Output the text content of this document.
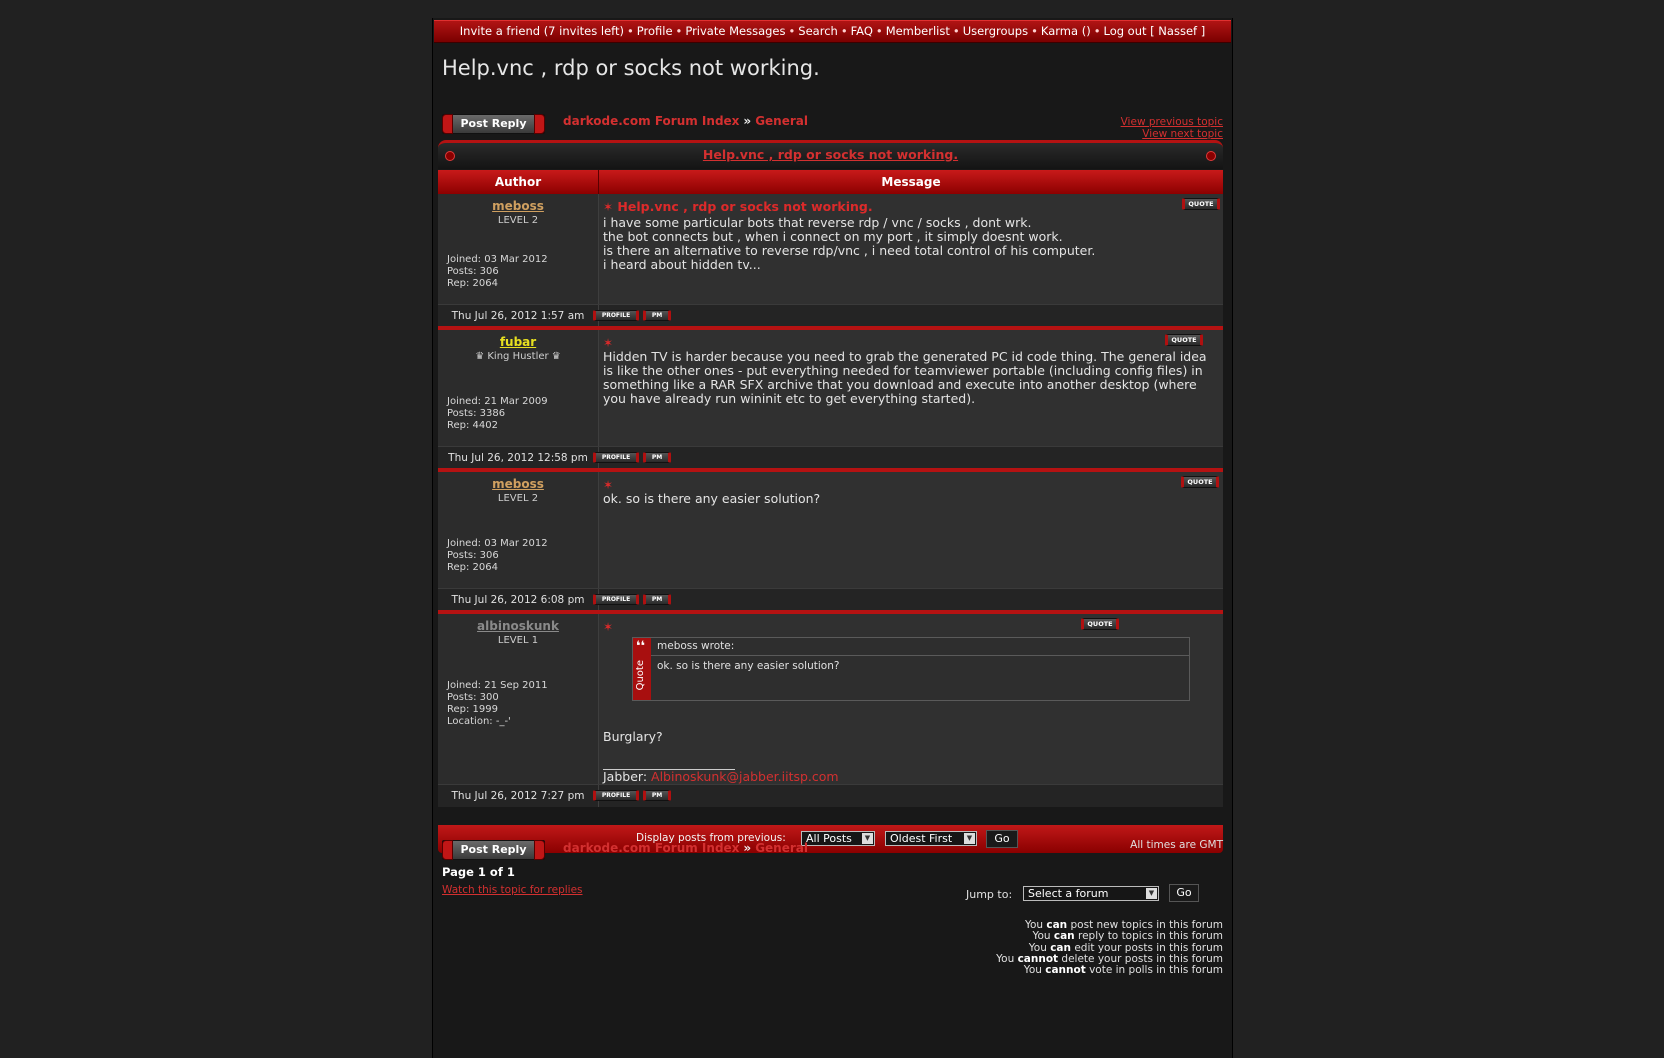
Invite a friend (7 invites left) • Profile • Private Messages • Search • FAQ • Memberlist • Usergroups • Karma () • Log out [ Nassef ]
Help.vnc , rdp or socks not working.
Post Reply	darkode.com Forum Index » General	View previous topic
View next topic
Help.vnc , rdp or socks not working.
Author	Message
meboss
LEVEL 2
Joined: 03 Mar 2012
Posts: 306
Rep: 2064
✶ Help.vnc , rdp or socks not working.	QUOTE
i have some particular bots that reverse rdp / vnc / socks , dont wrk.
the bot connects but , when i connect on my port , it simply doesnt work.
is there an alternative to reverse rdp/vnc , i need total control of his computer.
i heard about hidden tv...
Thu Jul 26, 2012 1:57 am	PROFILE	PM
fubar
♛ King Hustler ♛
Joined: 21 Mar 2009
Posts: 3386
Rep: 4402
✶	QUOTE
Hidden TV is harder because you need to grab the generated PC id code thing. The general idea
is like the other ones - put everything needed for teamviewer portable (including config files) in
something like a RAR SFX archive that you download and execute into another desktop (where
you have already run wininit etc to get everything started).
Thu Jul 26, 2012 12:58 pm	PROFILE	PM
meboss
LEVEL 2
Joined: 03 Mar 2012
Posts: 306
Rep: 2064
✶	QUOTE
ok. so is there any easier solution?
Thu Jul 26, 2012 6:08 pm	PROFILE	PM
albinoskunk
LEVEL 1
Joined: 21 Sep 2011
Posts: 300
Rep: 1999
Location: -_-'
✶	QUOTE
❛❛
Quote
meboss wrote:
ok. so is there any easier solution?
Burglary?
Jabber: Albinoskunk@jabber.iitsp.com
Thu Jul 26, 2012 7:27 pm	PROFILE	PM
Display posts from previous:	All Posts	▼	Oldest First	▼	Go
Post Reply	darkode.com Forum Index » General	All times are GMT
Page 1 of 1
Watch this topic for replies	Jump to:	Select a forum	▼	Go
You can post new topics in this forum
You can reply to topics in this forum
You can edit your posts in this forum
You cannot delete your posts in this forum
You cannot vote in polls in this forum
